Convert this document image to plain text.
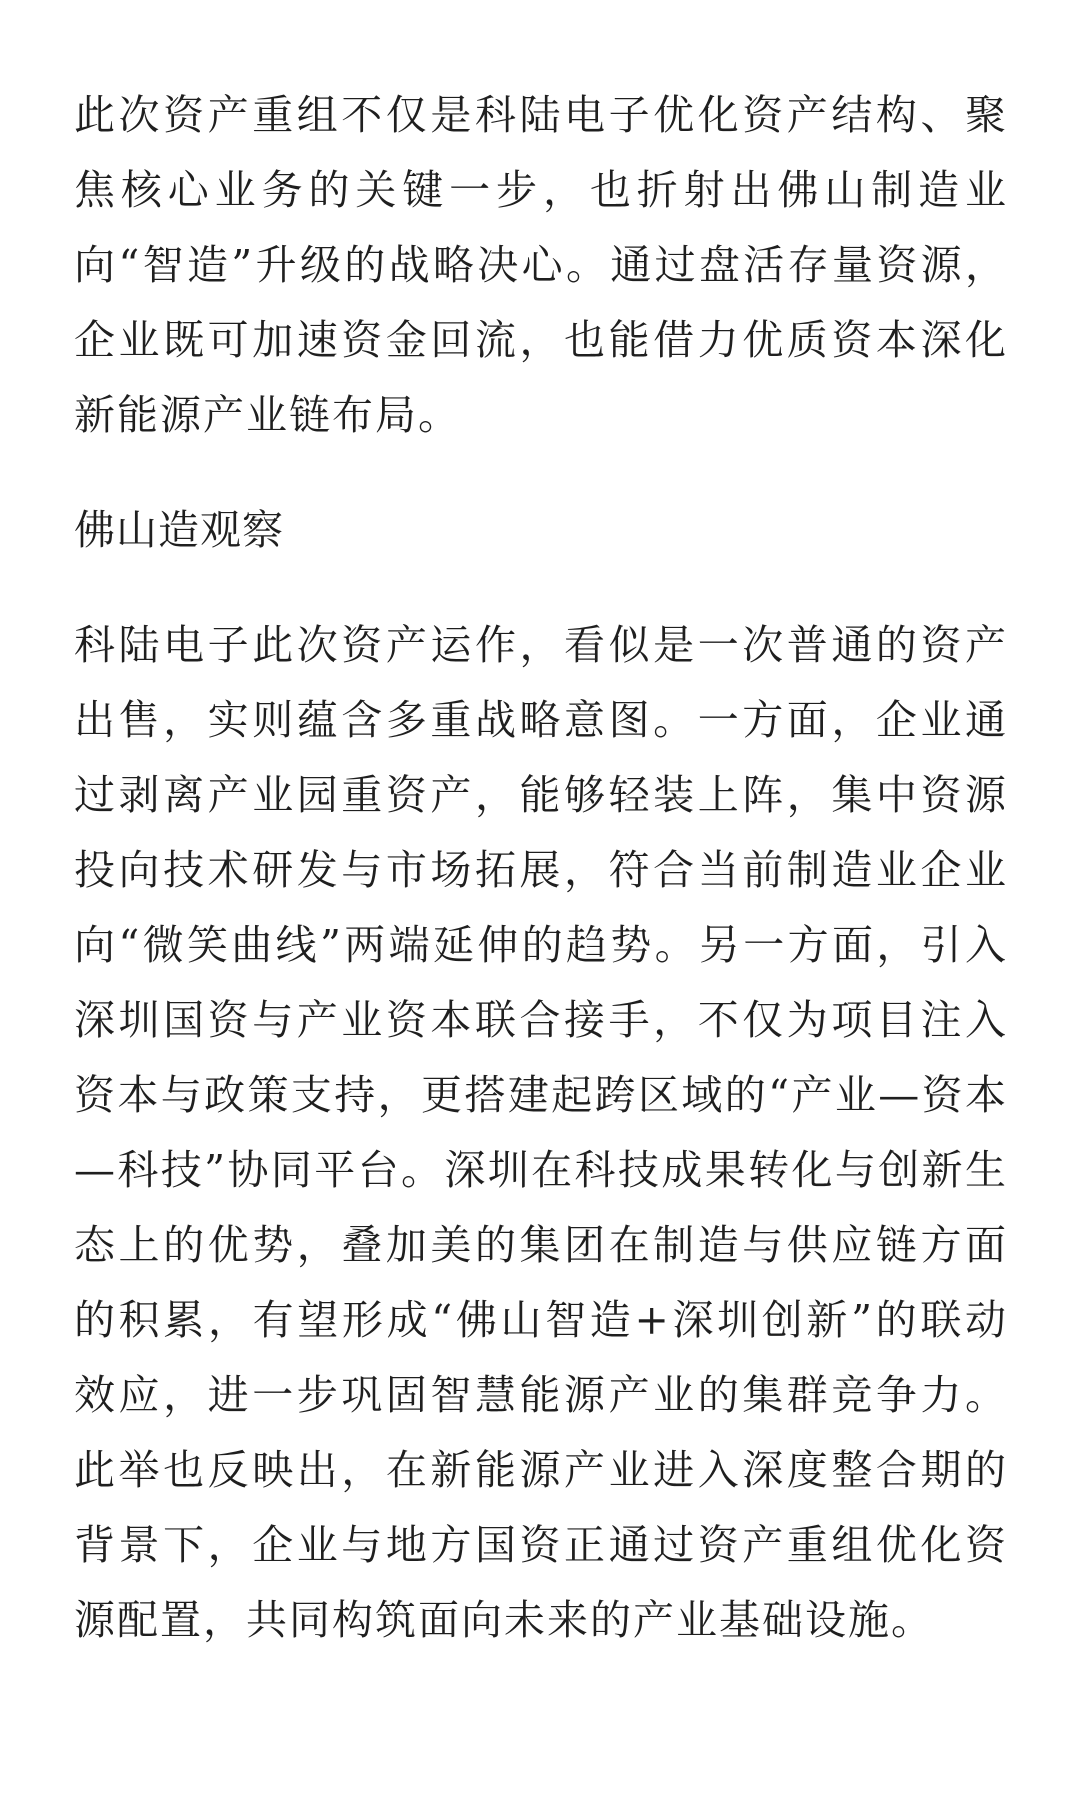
此次资产重组不仅是科陆电子优化资产结构、聚焦核心业务的关键一步，也折射出佛山制造业向“智造”升级的战略决心。通过盘活存量资源，企业既可加速资金回流，也能借力优质资本深化新能源产业链布局。

佛山造观察

科陆电子此次资产运作，看似是一次普通的资产出售，实则蕴含多重战略意图。一方面，企业通过剥离产业园重资产，能够轻装上阵，集中资源投向技术研发与市场拓展，符合当前制造业企业向“微笑曲线”两端延伸的趋势。另一方面，引入深圳国资与产业资本联合接手，不仅为项目注入资本与政策支持，更搭建起跨区域的“产业—资本—科技”协同平台。深圳在科技成果转化与创新生态上的优势，叠加美的集团在制造与供应链方面的积累，有望形成“佛山智造+深圳创新”的联动效应，进一步巩固智慧能源产业的集群竞争力。此举也反映出，在新能源产业进入深度整合期的背景下，企业与地方国资正通过资产重组优化资源配置，共同构筑面向未来的产业基础设施。
